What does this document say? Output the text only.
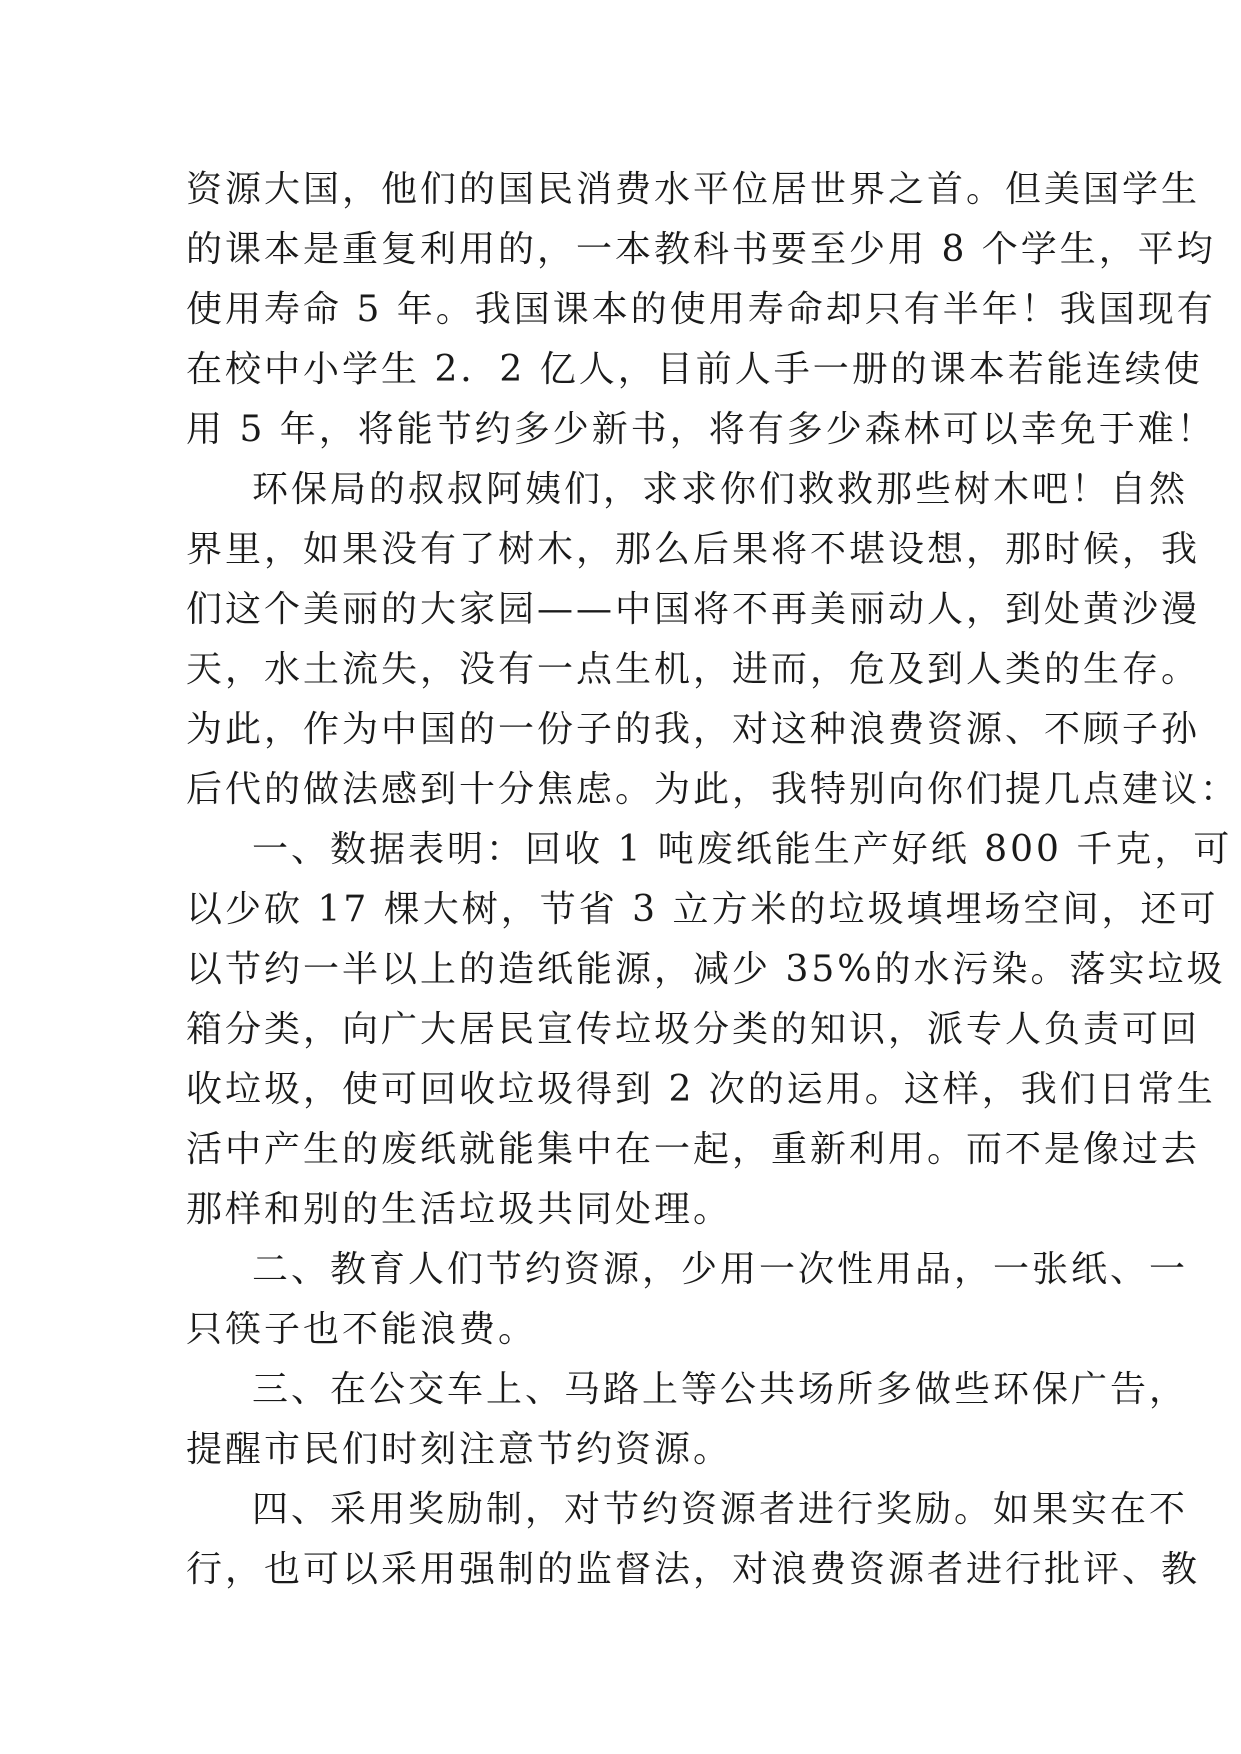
资源大国，他们的国民消费水平位居世界之首。但美国学生
的课本是重复利用的，一本教科书要至少用 8 个学生，平均
使用寿命 5 年。我国课本的使用寿命却只有半年！我国现有
在校中小学生 2．2 亿人，目前人手一册的课本若能连续使
用 5 年，将能节约多少新书，将有多少森林可以幸免于难！
环保局的叔叔阿姨们，求求你们救救那些树木吧！自然
界里，如果没有了树木，那么后果将不堪设想，那时候，我
们这个美丽的大家园——中国将不再美丽动人，到处黄沙漫
天，水土流失，没有一点生机，进而，危及到人类的生存。
为此，作为中国的一份子的我，对这种浪费资源、不顾子孙
后代的做法感到十分焦虑。为此，我特别向你们提几点建议：
一、数据表明：回收 1 吨废纸能生产好纸 800 千克，可
以少砍 17 棵大树，节省 3 立方米的垃圾填埋场空间，还可
以节约一半以上的造纸能源，减少 35%的水污染。落实垃圾
箱分类，向广大居民宣传垃圾分类的知识，派专人负责可回
收垃圾，使可回收垃圾得到 2 次的运用。这样，我们日常生
活中产生的废纸就能集中在一起，重新利用。而不是像过去
那样和别的生活垃圾共同处理。
二、教育人们节约资源，少用一次性用品，一张纸、一
只筷子也不能浪费。
三、在公交车上、马路上等公共场所多做些环保广告，
提醒市民们时刻注意节约资源。
四、采用奖励制，对节约资源者进行奖励。如果实在不
行，也可以采用强制的监督法，对浪费资源者进行批评、教
